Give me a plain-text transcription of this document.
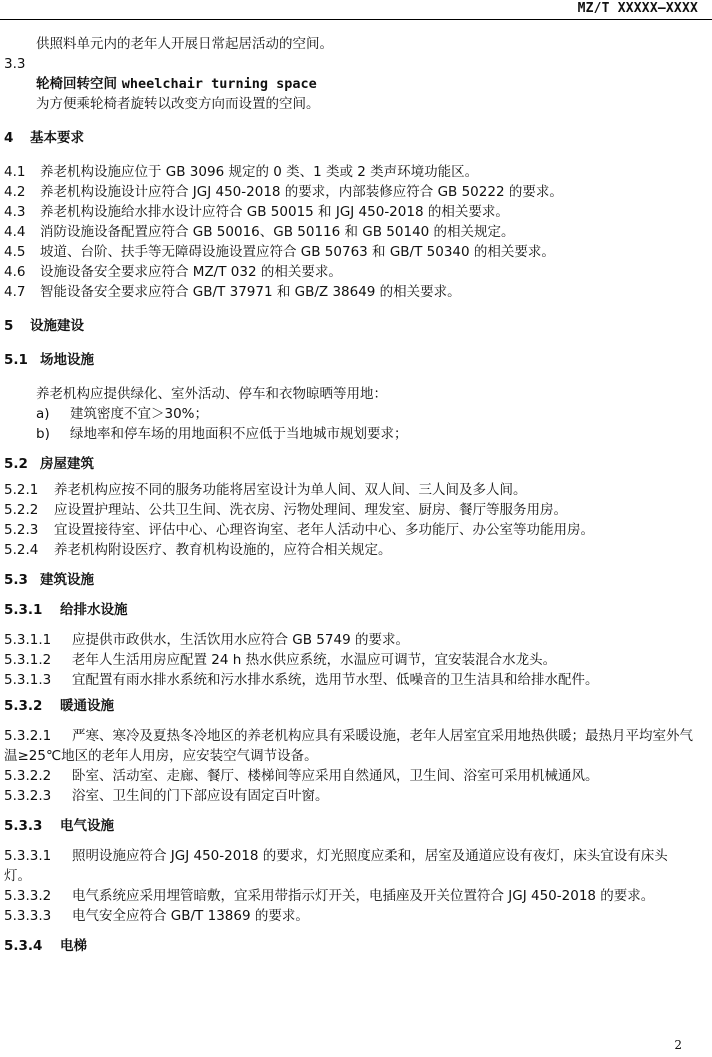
MZ/T XXXXX—XXXX
供照料单元内的老年人开展日常起居活动的空间。
3.3
轮椅回转空间 wheelchair turning space
为方便乘轮椅者旋转以改变方向而设置的空间。
4 基本要求
4.1 养老机构设施应位于 GB 3096 规定的 0 类、1 类或 2 类声环境功能区。
4.2 养老机构设施设计应符合 JGJ 450-2018 的要求，内部装修应符合 GB 50222 的要求。
4.3 养老机构设施给水排水设计应符合 GB 50015 和 JGJ 450-2018 的相关要求。
4.4 消防设施设备配置应符合 GB 50016、GB 50116 和 GB 50140 的相关规定。
4.5 坡道、台阶、扶手等无障碍设施设置应符合 GB 50763 和 GB/T 50340 的相关要求。
4.6 设施设备安全要求应符合 MZ/T 032 的相关要求。
4.7 智能设备安全要求应符合 GB/T 37971 和 GB/Z 38649 的相关要求。
5 设施建设
5.1 场地设施
养老机构应提供绿化、室外活动、停车和衣物晾晒等用地：
a) 建筑密度不宜＞30%；
b) 绿地率和停车场的用地面积不应低于当地城市规划要求；
5.2 房屋建筑
5.2.1 养老机构应按不同的服务功能将居室设计为单人间、双人间、三人间及多人间。
5.2.2 应设置护理站、公共卫生间、洗衣房、污物处理间、理发室、厨房、餐厅等服务用房。
5.2.3 宜设置接待室、评估中心、心理咨询室、老年人活动中心、多功能厅、办公室等功能用房。
5.2.4 养老机构附设医疗、教育机构设施的，应符合相关规定。
5.3 建筑设施
5.3.1 给排水设施
5.3.1.1 应提供市政供水，生活饮用水应符合 GB 5749 的要求。
5.3.1.2 老年人生活用房应配置 24 h 热水供应系统，水温应可调节，宜安装混合水龙头。
5.3.1.3 宜配置有雨水排水系统和污水排水系统，选用节水型、低噪音的卫生洁具和给排水配件。
5.3.2 暖通设施
5.3.2.1 严寒、寒冷及夏热冬冷地区的养老机构应具有采暖设施，老年人居室宜采用地热供暖；最热月平均室外气温≥25℃地区的老年人用房，应安装空气调节设备。
5.3.2.2 卧室、活动室、走廊、餐厅、楼梯间等应采用自然通风，卫生间、浴室可采用机械通风。
5.3.2.3 浴室、卫生间的门下部应设有固定百叶窗。
5.3.3 电气设施
5.3.3.1 照明设施应符合 JGJ 450-2018 的要求，灯光照度应柔和，居室及通道应设有夜灯，床头宜设有床头灯。
5.3.3.2 电气系统应采用埋管暗敷，宜采用带指示灯开关，电插座及开关位置符合 JGJ 450-2018 的要求。
5.3.3.3 电气安全应符合 GB/T 13869 的要求。
5.3.4 电梯
2
